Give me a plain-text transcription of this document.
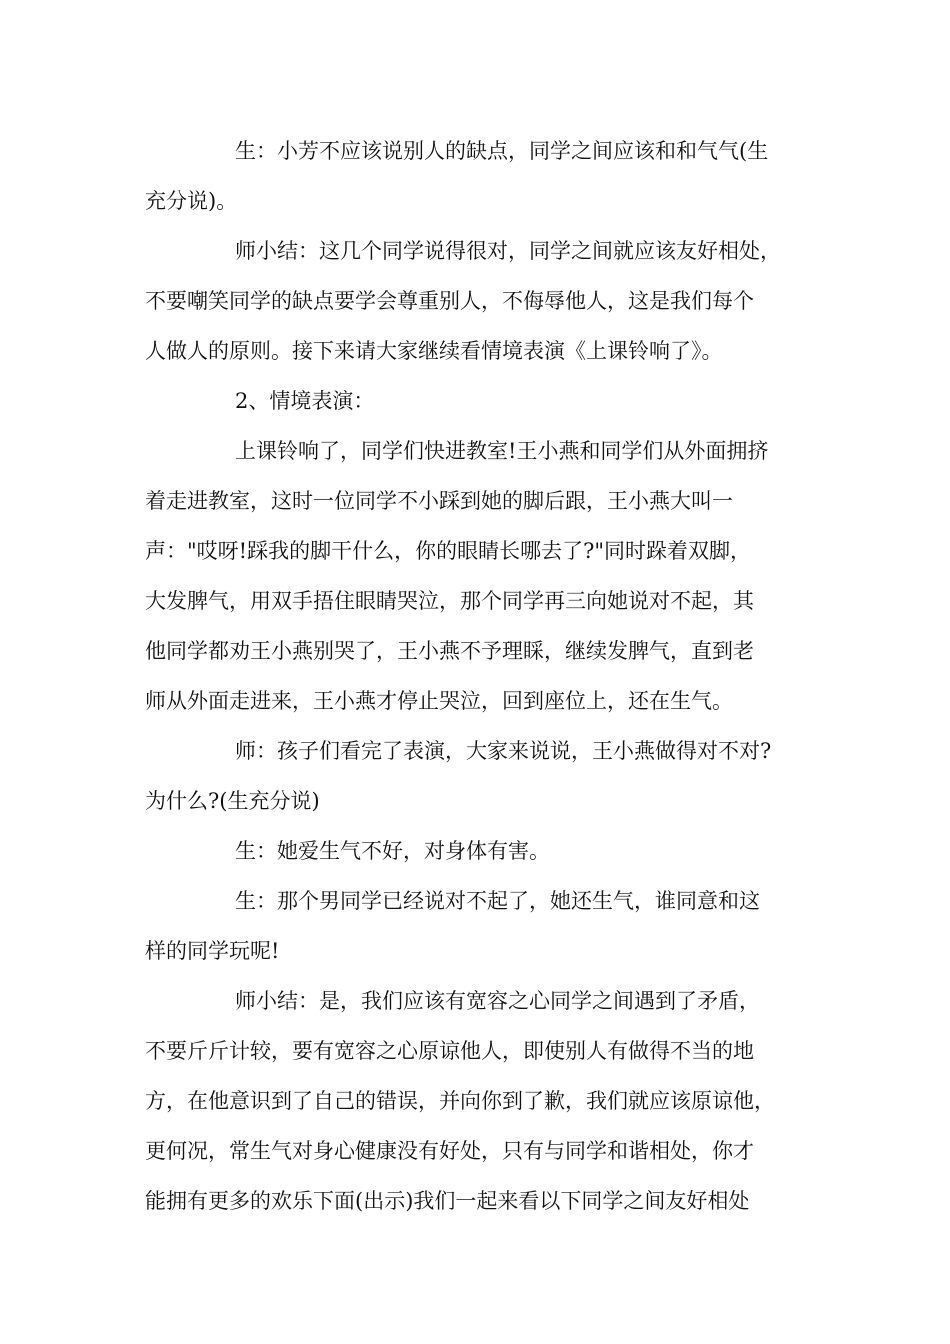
生：小芳不应该说别人的缺点，同学之间应该和和气气(生
充分说)。
师小结：这几个同学说得很对，同学之间就应该友好相处，
不要嘲笑同学的缺点要学会尊重别人，不侮辱他人，这是我们每个
人做人的原则。接下来请大家继续看情境表演《上课铃响了》。
2、情境表演：
上课铃响了，同学们快进教室!王小燕和同学们从外面拥挤
着走进教室，这时一位同学不小踩到她的脚后跟，王小燕大叫一
声："哎呀!踩我的脚干什么，你的眼睛长哪去了?"同时跺着双脚，
大发脾气，用双手捂住眼睛哭泣，那个同学再三向她说对不起，其
他同学都劝王小燕别哭了，王小燕不予理睬，继续发脾气，直到老
师从外面走进来，王小燕才停止哭泣，回到座位上，还在生气。
师：孩子们看完了表演，大家来说说，王小燕做得对不对?
为什么?(生充分说)
生：她爱生气不好，对身体有害。
生：那个男同学已经说对不起了，她还生气，谁同意和这
样的同学玩呢!
师小结：是，我们应该有宽容之心同学之间遇到了矛盾，
不要斤斤计较，要有宽容之心原谅他人，即使别人有做得不当的地
方，在他意识到了自己的错误，并向你到了歉，我们就应该原谅他，
更何况，常生气对身心健康没有好处，只有与同学和谐相处，你才
能拥有更多的欢乐下面(出示)我们一起来看以下同学之间友好相处
